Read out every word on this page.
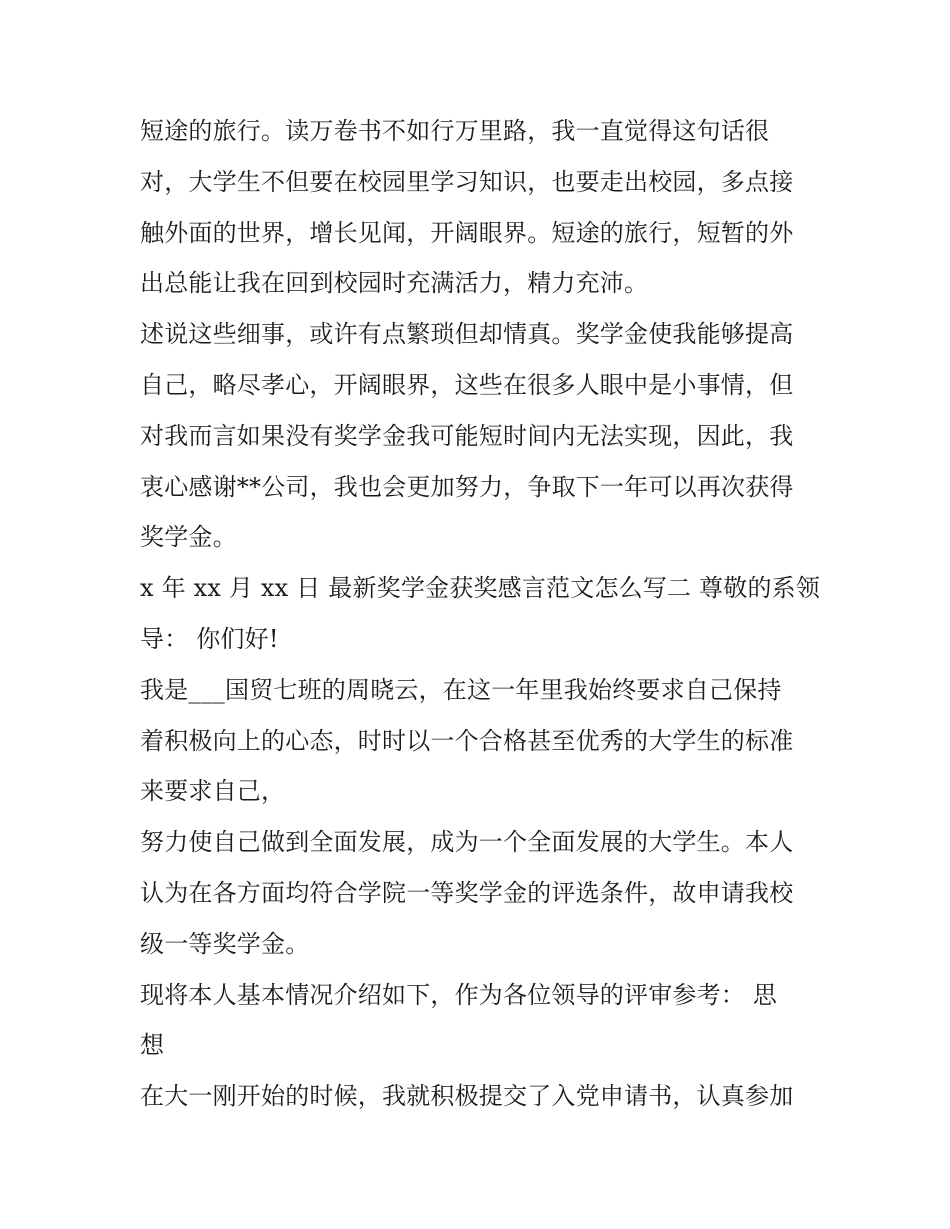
短途的旅行。读万卷书不如行万里路，我一直觉得这句话很
对，大学生不但要在校园里学习知识，也要走出校园，多点接
触外面的世界，增长见闻，开阔眼界。短途的旅行，短暂的外
出总能让我在回到校园时充满活力，精力充沛。
述说这些细事，或许有点繁琐但却情真。奖学金使我能够提高
自己，略尽孝心，开阔眼界，这些在很多人眼中是小事情，但
对我而言如果没有奖学金我可能短时间内无法实现，因此，我
衷心感谢**公司，我也会更加努力，争取下一年可以再次获得
奖学金。
x 年 xx 月 xx 日 最新奖学金获奖感言范文怎么写二 尊敬的系领
导： 你们好!
我是___国贸七班的周晓云，在这一年里我始终要求自己保持
着积极向上的心态，时时以一个合格甚至优秀的大学生的标准
来要求自己，
努力使自己做到全面发展，成为一个全面发展的大学生。本人
认为在各方面均符合学院一等奖学金的评选条件，故申请我校
级一等奖学金。
现将本人基本情况介绍如下，作为各位领导的评审参考： 思
想
在大一刚开始的时候，我就积极提交了入党申请书，认真参加
